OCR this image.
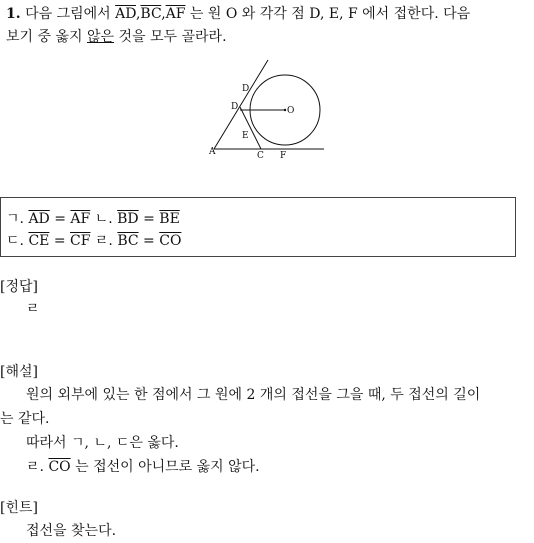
1. 다음 그림에서 $\overline{AD},\overline{BC},\overline{AF}$ 는 원 O 와 각각 점 D, E, F 에서 접한다. 다음
보기 중 옳지 않은 것을 모두 골라라.
D
D	O
E
A	C F
ㄱ. $\overline{AD} = \overline{AF}$ ㄴ. $\overline{BD} = \overline{BE}$
ㄷ. $\overline{CE} = \overline{CF}$ ㄹ. $\overline{BC} = \overline{CO}$
[정답]
ㄹ
[해설]
원의 외부에 있는 한 점에서 그 원에 2 개의 접선을 그을 때, 두 접선의 길이
는 같다.
따라서 ㄱ, ㄴ, ㄷ은 옳다.
ㄹ. $\overline{CO}$ 는 접선이 아니므로 옳지 않다.
[힌트]
접선을 찾는다.
